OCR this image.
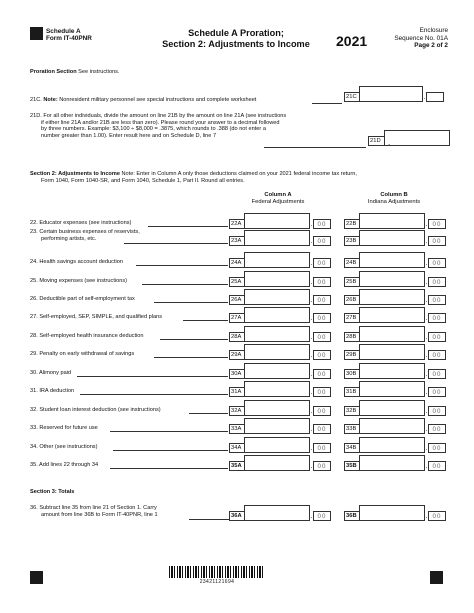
Schedule A
Form IT-40PNR
Schedule A Proration;
Section 2: Adjustments to Income	2021
Enclosure
Sequence No. 01A
Page 2 of 2
Proration Section See instructions.
21C. Note: Nonresident military personnel see special instructions and complete worksheet	21C	.
21D. For all other individuals, divide the amount on line 21B by the amount on line 21A (see instructions
if either line 21A and/or 21B are less than zero). Please round your answer to a decimal followed
by three numbers. Example: $3,100 ÷ $8,000 = .3875, which rounds to .388 (do not enter a
number greater than 1.00). Enter result here and on Schedule D, line 7
21D .
Section 2: Adjustments to Income Note: Enter in Column A only those deductions claimed on your 2021 federal income tax return,
Form 1040, Form 1040-SR, and Form 1040, Schedule 1, Part II. Round all entries.
Column A
Federal Adjustments
Column B
Indiana Adjustments
22. Educator expenses (see instructions)	22A	. 00	22B	. 00
23. Certain business expenses of reservists,
performing artists, etc.	23A	. 00	23B	. 00
24. Health savings account deduction	24A	. 00	24B	. 00
25. Moving expenses (see instructions)	25A	. 00	25B	. 00
26. Deductible part of self-employment tax	26A	. 00	26B	. 00
27. Self-employed, SEP, SIMPLE, and qualified plans	27A	. 00	27B	. 00
28. Self-employed health insurance deduction	28A	. 00	28B	. 00
29. Penalty on early withdrawal of savings	29A	. 00	29B	. 00
30. Alimony paid	30A	. 00	30B	. 00
31. IRA deduction	31A	. 00	31B	. 00
32. Student loan interest deduction (see instructions)	32A	. 00	32B	. 00
33. Reserved for future use	33A	. 00	33B	. 00
34. Other (see instructions)	34A	. 00	34B	. 00
35. Add lines 22 through 34	35A	. 00	35B	. 00
Section 3: Totals
36. Subtract line 35 from line 21 of Section 1. Carry
amount from line 36B to Form IT-40PNR, line 1	36A	. 00	36B	. 00
23421121694
